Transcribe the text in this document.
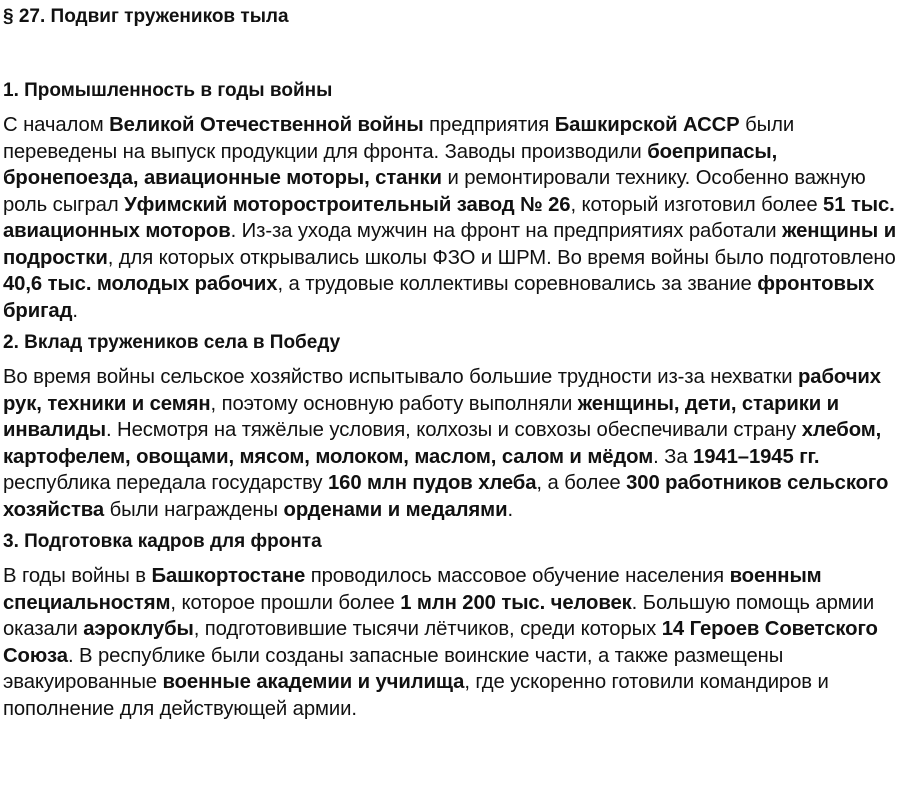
§ 27. Подвиг тружеников тыла
1. Промышленность в годы войны

С началом Великой Отечественной войны предприятия Башкирской АССР были переведены на выпуск продукции для фронта. Заводы производили боеприпасы, бронепоезда, авиационные моторы, станки и ремонтировали технику. Особенно важную роль сыграл Уфимский моторостроительный завод № 26, который изготовил более 51 тыс. авиационных моторов. Из-за ухода мужчин на фронт на предприятиях работали женщины и подростки, для которых открывались школы ФЗО и ШРМ. Во время войны было подготовлено 40,6 тыс. молодых рабочих, а трудовые коллективы соревновались за звание фронтовых бригад.

2. Вклад тружеников села в Победу

Во время войны сельское хозяйство испытывало большие трудности из-за нехватки рабочих рук, техники и семян, поэтому основную работу выполняли женщины, дети, старики и инвалиды. Несмотря на тяжёлые условия, колхозы и совхозы обеспечивали страну хлебом, картофелем, овощами, мясом, молоком, маслом, салом и мёдом. За 1941–1945 гг. республика передала государству 160 млн пудов хлеба, а более 300 работников сельского хозяйства были награждены орденами и медалями.

3. Подготовка кадров для фронта

В годы войны в Башкортостане проводилось массовое обучение населения военным специальностям, которое прошли более 1 млн 200 тыс. человек. Большую помощь армии оказали аэроклубы, подготовившие тысячи лётчиков, среди которых 14 Героев Советского Союза. В республике были созданы запасные воинские части, а также размещены эвакуированные военные академии и училища, где ускоренно готовили командиров и пополнение для действующей армии.
